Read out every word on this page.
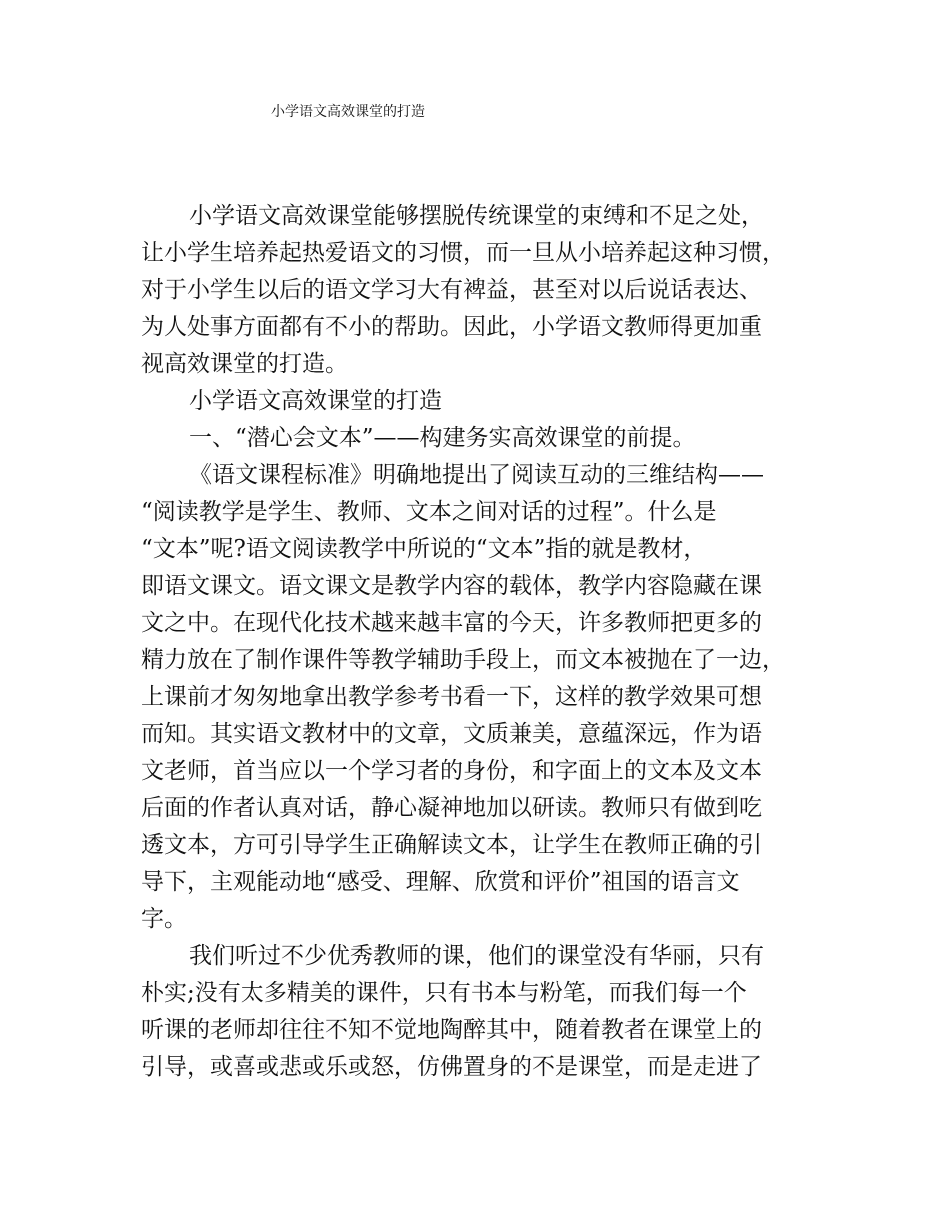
小学语文高效课堂的打造
小学语文高效课堂能够摆脱传统课堂的束缚和不足之处，
让小学生培养起热爱语文的习惯，而一旦从小培养起这种习惯，
对于小学生以后的语文学习大有裨益，甚至对以后说话表达、
为人处事方面都有不小的帮助。因此，小学语文教师得更加重
视高效课堂的打造。
小学语文高效课堂的打造
一、“潜心会文本”——构建务实高效课堂的前提。
《语文课程标准》明确地提出了阅读互动的三维结构——
“阅读教学是学生、教师、文本之间对话的过程”。什么是
“文本”呢?语文阅读教学中所说的“文本”指的就是教材，
即语文课文。语文课文是教学内容的载体，教学内容隐藏在课
文之中。在现代化技术越来越丰富的今天，许多教师把更多的
精力放在了制作课件等教学辅助手段上，而文本被抛在了一边，
上课前才匆匆地拿出教学参考书看一下，这样的教学效果可想
而知。其实语文教材中的文章，文质兼美，意蕴深远，作为语
文老师，首当应以一个学习者的身份，和字面上的文本及文本
后面的作者认真对话，静心凝神地加以研读。教师只有做到吃
透文本，方可引导学生正确解读文本，让学生在教师正确的引
导下，主观能动地“感受、理解、欣赏和评价”祖国的语言文
字。
我们听过不少优秀教师的课，他们的课堂没有华丽，只有
朴实;没有太多精美的课件，只有书本与粉笔，而我们每一个
听课的老师却往往不知不觉地陶醉其中，随着教者在课堂上的
引导，或喜或悲或乐或怒，仿佛置身的不是课堂，而是走进了
